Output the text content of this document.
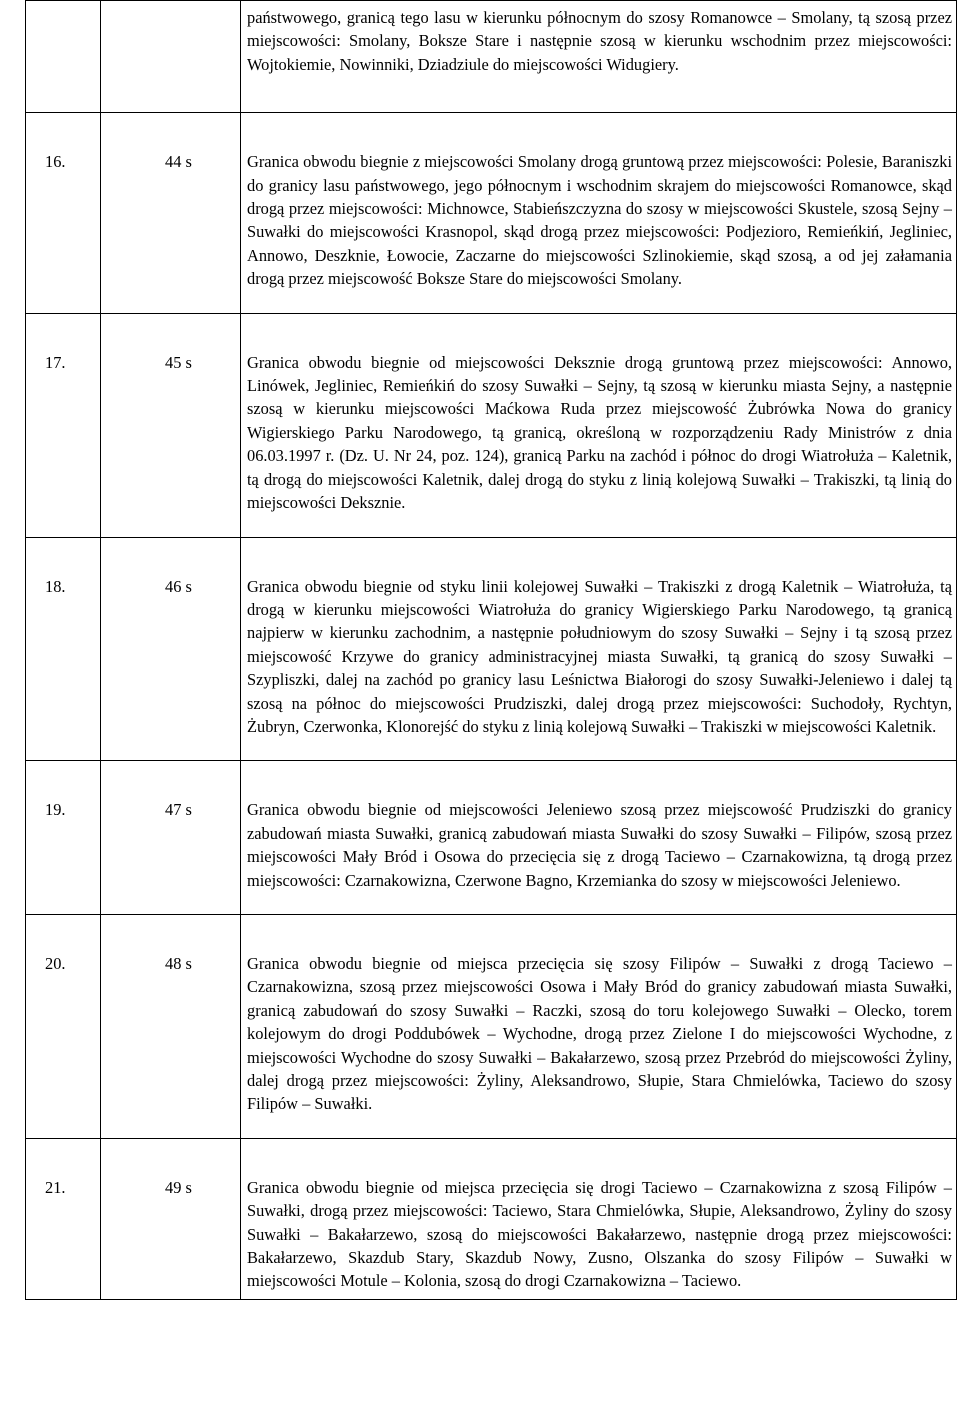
		państwowego, granicą tego lasu w kierunku północnym do szosy Romanowce – Smolany, tą szosą przez miejscowości: Smolany, Boksze Stare i następnie szosą w kierunku wschodnim przez miejscowości: Wojtokiemie, Nowinniki, Dziadziule do miejscowości Widugiery.

16.	44 s	Granica obwodu biegnie z miejscowości Smolany drogą gruntową przez miejscowości: Polesie, Baraniszki do granicy lasu państwowego, jego północnym i wschodnim skrajem do miejscowości Romanowce, skąd drogą przez miejscowości: Michnowce, Stabieńszczyzna do szosy w miejscowości Skustele, szosą Sejny – Suwałki do miejscowości Krasnopol, skąd drogą przez miejscowości: Podjezioro, Remieńkiń, Jegliniec, Annowo, Deszknie, Łowocie, Zaczarne do miejscowości Szlinokiemie, skąd szosą, a od jej załamania drogą przez miejscowość Boksze Stare do miejscowości Smolany.

17.	45 s	Granica obwodu biegnie od miejscowości Deksznie drogą gruntową przez miejscowości: Annowo, Linówek, Jegliniec, Remieńkiń do szosy Suwałki – Sejny, tą szosą w kierunku miasta Sejny, a następnie szosą w kierunku miejscowości Maćkowa Ruda przez miejscowość Żubrówka Nowa do granicy Wigierskiego Parku Narodowego, tą granicą, określoną w rozporządzeniu Rady Ministrów z dnia 06.03.1997 r. (Dz. U. Nr 24, poz. 124), granicą Parku na zachód i północ do drogi Wiatrołuża – Kaletnik, tą drogą do miejscowości Kaletnik, dalej drogą do styku z linią kolejową Suwałki – Trakiszki, tą linią do miejscowości Deksznie.

18.	46 s	Granica obwodu biegnie od styku linii kolejowej Suwałki – Trakiszki z drogą Kaletnik – Wiatrołuża, tą drogą w kierunku miejscowości Wiatrołuża do granicy Wigierskiego Parku Narodowego, tą granicą najpierw w kierunku zachodnim, a następnie południowym do szosy Suwałki – Sejny i tą szosą przez miejscowość Krzywe do granicy administracyjnej miasta Suwałki, tą granicą do szosy Suwałki – Szypliszki, dalej na zachód po granicy lasu Leśnictwa Białorogi do szosy Suwałki-Jeleniewo i dalej tą szosą na północ do miejscowości Prudziszki, dalej drogą przez miejscowości: Suchodoły, Rychtyn, Żubryn, Czerwonka, Klonorejść do styku z linią kolejową Suwałki – Trakiszki w miejscowości Kaletnik.

19.	47 s	Granica obwodu biegnie od miejscowości Jeleniewo szosą przez miejscowość Prudziszki do granicy zabudowań miasta Suwałki, granicą zabudowań miasta Suwałki do szosy Suwałki – Filipów, szosą przez miejscowości Mały Bród i Osowa do przecięcia się z drogą Taciewo – Czarnakowizna, tą drogą przez miejscowości: Czarnakowizna, Czerwone Bagno, Krzemianka do szosy w miejscowości Jeleniewo.

20.	48 s	Granica obwodu biegnie od miejsca przecięcia się szosy Filipów – Suwałki z drogą Taciewo – Czarnakowizna, szosą przez miejscowości Osowa i Mały Bród do granicy zabudowań miasta Suwałki, granicą zabudowań do szosy Suwałki – Raczki, szosą do toru kolejowego Suwałki – Olecko, torem kolejowym do drogi Poddubówek – Wychodne, drogą przez Zielone I do miejscowości Wychodne, z miejscowości Wychodne do szosy Suwałki – Bakałarzewo, szosą przez Przebród do miejscowości Żyliny, dalej drogą przez miejscowości: Żyliny, Aleksandrowo, Słupie, Stara Chmielówka, Taciewo do szosy Filipów – Suwałki.

21.	49 s	Granica obwodu biegnie od miejsca przecięcia się drogi Taciewo – Czarnakowizna z szosą Filipów – Suwałki, drogą przez miejscowości: Taciewo, Stara Chmielówka, Słupie, Aleksandrowo, Żyliny do szosy Suwałki – Bakałarzewo, szosą do miejscowości Bakałarzewo, następnie drogą przez miejscowości: Bakałarzewo, Skazdub Stary, Skazdub Nowy, Zusno, Olszanka do szosy Filipów – Suwałki w miejscowości Motule – Kolonia, szosą do drogi Czarnakowizna – Taciewo.
